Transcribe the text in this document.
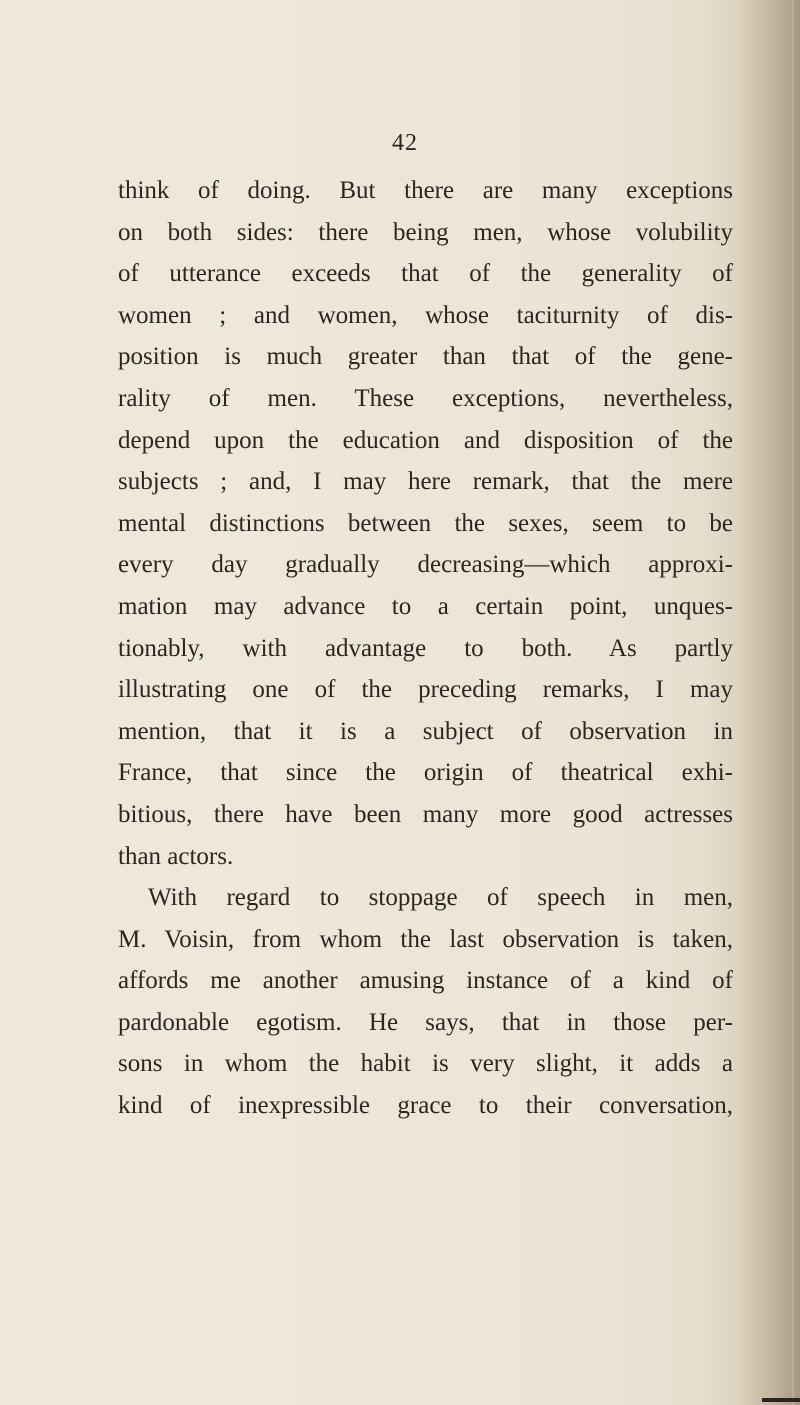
42
think of doing. But there are many exceptions
on both sides: there being men, whose volubility
of utterance exceeds that of the generality of
women ; and women, whose taciturnity of dis-
position is much greater than that of the gene-
rality of men. These exceptions, nevertheless,
depend upon the education and disposition of the
subjects ; and, I may here remark, that the mere
mental distinctions between the sexes, seem to be
every day gradually decreasing—which approxi-
mation may advance to a certain point, unques-
tionably, with advantage to both. As partly
illustrating one of the preceding remarks, I may
mention, that it is a subject of observation in
France, that since the origin of theatrical exhi-
bitious, there have been many more good actresses
than actors.
With regard to stoppage of speech in men,
M. Voisin, from whom the last observation is taken,
affords me another amusing instance of a kind of
pardonable egotism. He says, that in those per-
sons in whom the habit is very slight, it adds a
kind of inexpressible grace to their conversation,
